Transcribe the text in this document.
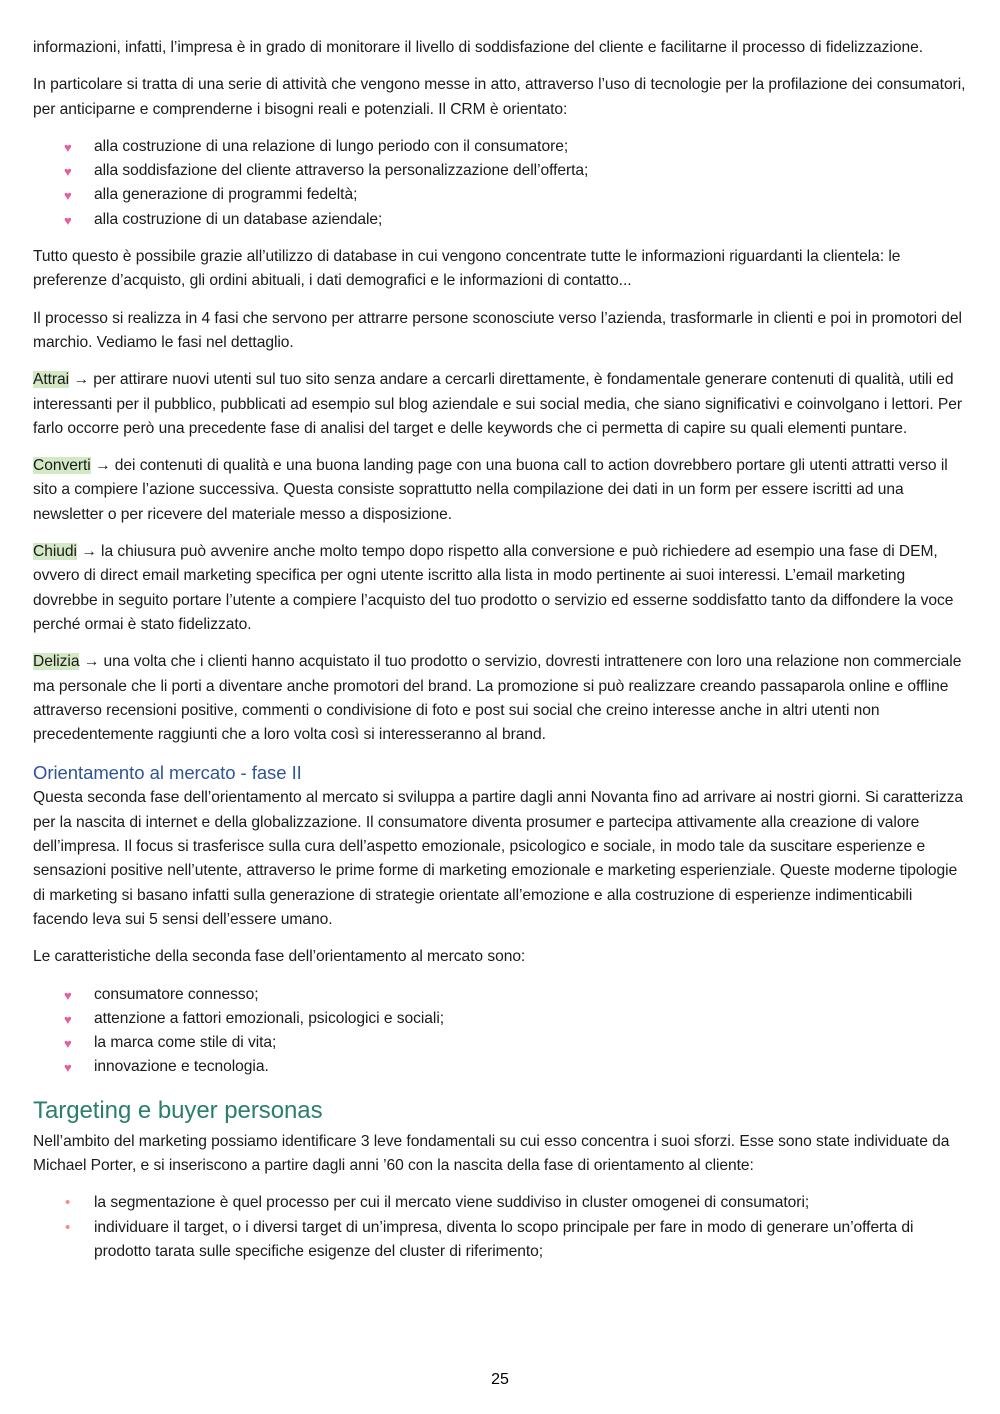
informazioni, infatti, l’impresa è in grado di monitorare il livello di soddisfazione del cliente e facilitarne il processo di fidelizzazione.

In particolare si tratta di una serie di attività che vengono messe in atto, attraverso l’uso di tecnologie per la profilazione dei consumatori, per anticiparne e comprenderne i bisogni reali e potenziali. Il CRM è orientato:

♥ alla costruzione di una relazione di lungo periodo con il consumatore;
♥ alla soddisfazione del cliente attraverso la personalizzazione dell’offerta;
♥ alla generazione di programmi fedeltà;
♥ alla costruzione di un database aziendale;

Tutto questo è possibile grazie all’utilizzo di database in cui vengono concentrate tutte le informazioni riguardanti la clientela: le preferenze d’acquisto, gli ordini abituali, i dati demografici e le informazioni di contatto...

Il processo si realizza in 4 fasi che servono per attrarre persone sconosciute verso l’azienda, trasformarle in clienti e poi in promotori del marchio. Vediamo le fasi nel dettaglio.

Attrai → per attirare nuovi utenti sul tuo sito senza andare a cercarli direttamente, è fondamentale generare contenuti di qualità, utili ed interessanti per il pubblico, pubblicati ad esempio sul blog aziendale e sui social media, che siano significativi e coinvolgano i lettori. Per farlo occorre però una precedente fase di analisi del target e delle keywords che ci permetta di capire su quali elementi puntare.

Converti → dei contenuti di qualità e una buona landing page con una buona call to action dovrebbero portare gli utenti attratti verso il sito a compiere l’azione successiva. Questa consiste soprattutto nella compilazione dei dati in un form per essere iscritti ad una newsletter o per ricevere del materiale messo a disposizione.

Chiudi → la chiusura può avvenire anche molto tempo dopo rispetto alla conversione e può richiedere ad esempio una fase di DEM, ovvero di direct email marketing specifica per ogni utente iscritto alla lista in modo pertinente ai suoi interessi. L’email marketing dovrebbe in seguito portare l’utente a compiere l’acquisto del tuo prodotto o servizio ed esserne soddisfatto tanto da diffondere la voce perché ormai è stato fidelizzato.

Delizia → una volta che i clienti hanno acquistato il tuo prodotto o servizio, dovresti intrattenere con loro una relazione non commerciale ma personale che li porti a diventare anche promotori del brand. La promozione si può realizzare creando passaparola online e offline attraverso recensioni positive, commenti o condivisione di foto e post sui social che creino interesse anche in altri utenti non precedentemente raggiunti che a loro volta così si interesseranno al brand.

Orientamento al mercato - fase II

Questa seconda fase dell’orientamento al mercato si sviluppa a partire dagli anni Novanta fino ad arrivare ai nostri giorni. Si caratterizza per la nascita di internet e della globalizzazione. Il consumatore diventa prosumer e partecipa attivamente alla creazione di valore dell’impresa. Il focus si trasferisce sulla cura dell’aspetto emozionale, psicologico e sociale, in modo tale da suscitare esperienze e sensazioni positive nell’utente, attraverso le prime forme di marketing emozionale e marketing esperienziale. Queste moderne tipologie di marketing si basano infatti sulla generazione di strategie orientate all’emozione e alla costruzione di esperienze indimenticabili facendo leva sui 5 sensi dell’essere umano.

Le caratteristiche della seconda fase dell’orientamento al mercato sono:

♥ consumatore connesso;
♥ attenzione a fattori emozionali, psicologici e sociali;
♥ la marca come stile di vita;
♥ innovazione e tecnologia.
Targeting e buyer personas

Nell’ambito del marketing possiamo identificare 3 leve fondamentali su cui esso concentra i suoi sforzi. Esse sono state individuate da Michael Porter, e si inseriscono a partire dagli anni ’60 con la nascita della fase di orientamento al cliente:

• la segmentazione è quel processo per cui il mercato viene suddiviso in cluster omogenei di consumatori;
• individuare il target, o i diversi target di un’impresa, diventa lo scopo principale per fare in modo di generare un’offerta di prodotto tarata sulle specifiche esigenze del cluster di riferimento;
25
